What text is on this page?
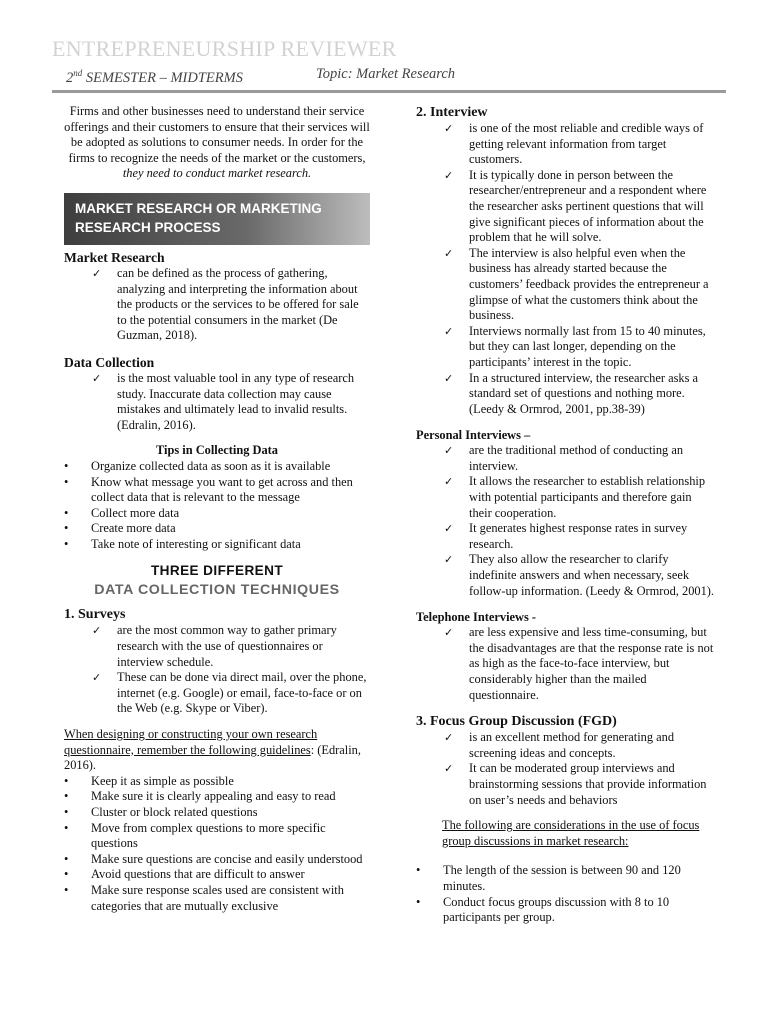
ENTREPRENEURSHIP REVIEWER
2nd SEMESTER – MIDTERMS	Topic: Market Research

Firms and other businesses need to understand their service offerings and their customers to ensure that their services will be adopted as solutions to consumer needs. In order for the firms to recognize the needs of the market or the customers, they need to conduct market research.

MARKET RESEARCH OR MARKETING RESEARCH PROCESS

Market Research

✓ can be defined as the process of gathering, analyzing and interpreting the information about the products or the services to be offered for sale to the potential consumers in the market (De Guzman, 2018).

Data Collection

✓ is the most valuable tool in any type of research study. Inaccurate data collection may cause mistakes and ultimately lead to invalid results. (Edralin, 2016).

Tips in Collecting Data

• Organize collected data as soon as it is available
• Know what message you want to get across and then collect data that is relevant to the message
• Collect more data
• Create more data
• Take note of interesting or significant data

THREE DIFFERENT

DATA COLLECTION TECHNIQUES

1. Surveys

✓ are the most common way to gather primary research with the use of questionnaires or interview schedule.
✓ These can be done via direct mail, over the phone, internet (e.g. Google) or email, face-to-face or on the Web (e.g. Skype or Viber).

When designing or constructing your own research questionnaire, remember the following guidelines: (Edralin, 2016).

• Keep it as simple as possible
• Make sure it is clearly appealing and easy to read
• Cluster or block related questions
• Move from complex questions to more specific questions
• Make sure questions are concise and easily understood
• Avoid questions that are difficult to answer
• Make sure response scales used are consistent with categories that are mutually exclusive

2. Interview

✓ is one of the most reliable and credible ways of getting relevant information from target customers.
✓ It is typically done in person between the researcher/entrepreneur and a respondent where the researcher asks pertinent questions that will give significant pieces of information about the problem that he will solve.
✓ The interview is also helpful even when the business has already started because the customers’ feedback provides the entrepreneur a glimpse of what the customers think about the business.
✓ Interviews normally last from 15 to 40 minutes, but they can last longer, depending on the participants’ interest in the topic.
✓ In a structured interview, the researcher asks a standard set of questions and nothing more. (Leedy & Ormrod, 2001, pp.38-39)

Personal Interviews –

✓ are the traditional method of conducting an interview.
✓ It allows the researcher to establish relationship with potential participants and therefore gain their cooperation.
✓ It generates highest response rates in survey research.
✓ They also allow the researcher to clarify indefinite answers and when necessary, seek follow-up information. (Leedy & Ormrod, 2001).

Telephone Interviews -

✓ are less expensive and less time-consuming, but the disadvantages are that the response rate is not as high as the face-to-face interview, but considerably higher than the mailed questionnaire.

3. Focus Group Discussion (FGD)

✓ is an excellent method for generating and screening ideas and concepts.
✓ It can be moderated group interviews and brainstorming sessions that provide information on user’s needs and behaviors

The following are considerations in the use of focus group discussions in market research:

• The length of the session is between 90 and 120 minutes.
• Conduct focus groups discussion with 8 to 10 participants per group.
